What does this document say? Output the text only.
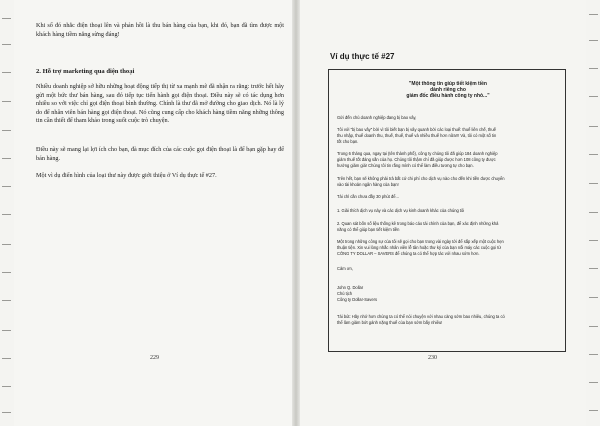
Khi số đó nhắc điện thoại lên và phản hồi là thu bán hàng của bạn, khi đó, bạn đã tìm được một khách hàng tiềm năng sừng đáng!

2. Hỗ trợ marketing qua điện thoại

Nhiều doanh nghiệp sở hữu những hoạt động tiếp thị từ xa mạnh mẽ đã nhận ra rằng: trước hết hãy gửi một bức thư bán hàng, sau đó tiếp tục tiến hành gọi điện thoại. Điều này sẽ có tác dụng hơn nhiều so với việc chỉ gọi điện thoại bình thường. Chính là thư đã mở đường cho giao dịch. Nó là lý do để nhân viên bán hàng gọi điện thoại. Nó cũng cung cấp cho khách hàng tiềm năng những thông tin cần thiết để tham khảo trong suốt cuộc trò chuyện.

Điều này sẽ mang lại lợi ích cho bạn, đà mục đích của các cuộc gọi điện thoại là để bạn gặp hay để bán hàng.

Một vì dụ điển hình của loại thư này được giới thiệu ở Ví dụ thực tế #27.

229
Ví dụ thực tế #27
"Một thông tin giúp tiết kiệm tiền
dành riêng cho
giám đốc điều hành công ty nhỏ..."
Gửi đến chủ doanh nghiệp đang bị bao vây,
Tôi với "bị bao vây" bởi vì tôi biết bạn bị vây quanh bởi các loại thuế: thuế liên chế, thuế
thu nhập, thuế doanh thu, thuế, thuế, thuế và nhiều thuế hơn nữa!!! Và, tôi có một số tin
tốt cho bạn.
Trong 6 tháng qua, ngay tại (tên thành phố), công ty chúng tôi đã giúp 184 doanh nghiệp
giảm thuế tốt đáng sắn của họ. Chúng tôi thậm chí đã giúp được hơn 108 công ty được
hưởng giảm giá! Chúng tôi tin rằng mình có thể làm điều tương tự cho bạn.
Trên hết, bạn sẽ không phải trả bất cứ chi phí cho dịch vụ nào cho đến khi tiền được chuyển
vào tài khoản ngân hàng của bạn!
Tài chỉ cần chưa đầy 30 phút để...
1. Giải thích dịch vụ này và các dịch vụ kinh doanh khác của chúng tôi
2. Quan sát bốn số liệu thống kê trong báo cáo tài chính của bạn, để xác định những khả
năng có thể giúp bạn tiết kiệm tiền
Một trong những công sự của tôi sẽ gọi cho bạn trong vài ngày tới để sắp xếp một cuộc hẹn
thuận tiện. Xin vui lòng nhắc nhân viên lễ tân hoặc thư ký của bạn nối máy các cuộc gọi từ
CÔNG TY DOLLAR – SAVERS để chúng ta có thể hợp tác với nhau sớm hơn.
Cảm ơn,
John Q. Dollar
Chủ tịch
Công ty Dollar-Savers
Tái bút: Hãy nhớ hơn chúng ta có thể nói chuyện với nhau càng sớm bao nhiêu, chúng ta có
thể làm giảm bớt gánh nặng thuế của bạn sớm bấy nhiêu!
230
